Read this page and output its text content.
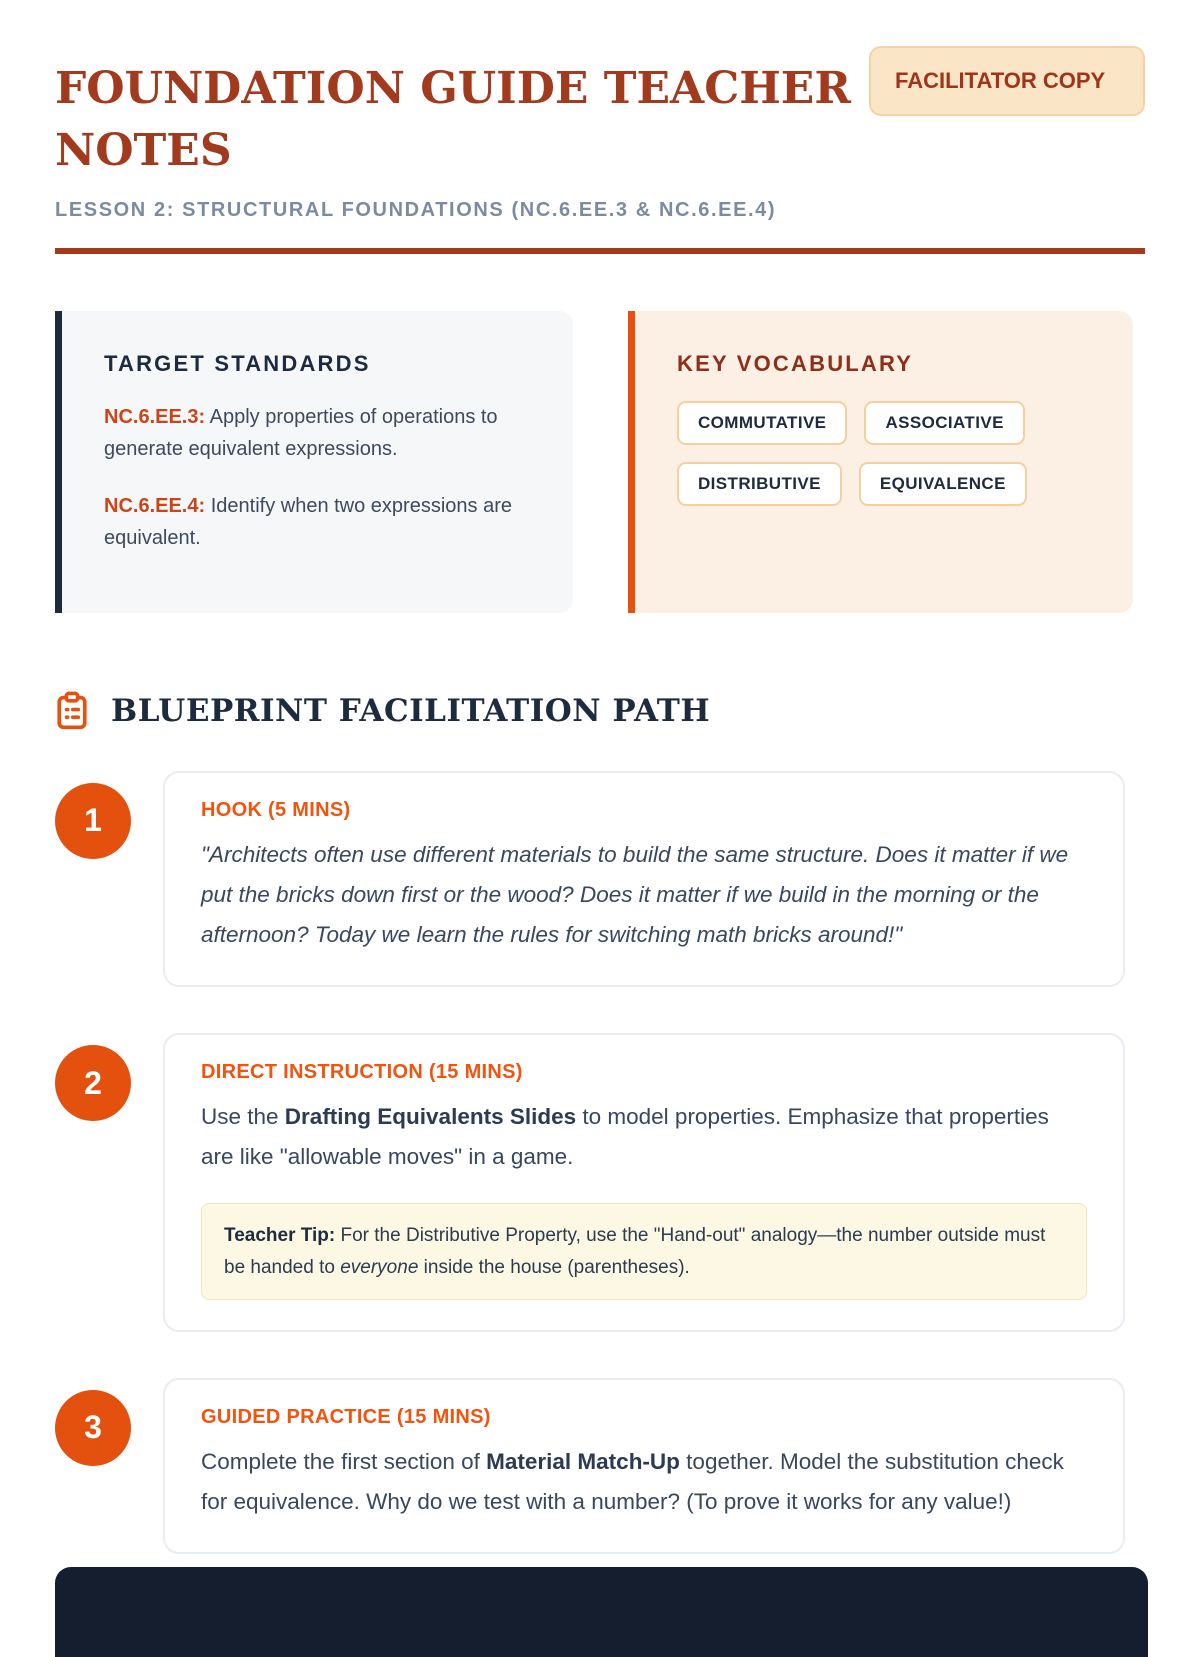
FOUNDATION GUIDE TEACHER NOTES
LESSON 2: STRUCTURAL FOUNDATIONS (NC.6.EE.3 & NC.6.EE.4)
FACILITATOR COPY
TARGET STANDARDS

NC.6.EE.3: Apply properties of operations to generate equivalent expressions.

NC.6.EE.4: Identify when two expressions are equivalent.

KEY VOCABULARY
COMMUTATIVE	ASSOCIATIVE
DISTRIBUTIVE	EQUIVALENCE
BLUEPRINT FACILITATION PATH
1	HOOK (5 MINS)

"Architects often use different materials to build the same structure. Does it matter if we put the bricks down first or the wood? Does it matter if we build in the morning or the afternoon? Today we learn the rules for switching math bricks around!"

2	DIRECT INSTRUCTION (15 MINS)

Use the Drafting Equivalents Slides to model properties. Emphasize that properties are like "allowable moves" in a game.

Teacher Tip: For the Distributive Property, use the "Hand-out" analogy—the number outside must be handed to everyone inside the house (parentheses).
3	GUIDED PRACTICE (15 MINS)

Complete the first section of Material Match-Up together. Model the substitution check for equivalence. Why do we test with a number? (To prove it works for any value!)
